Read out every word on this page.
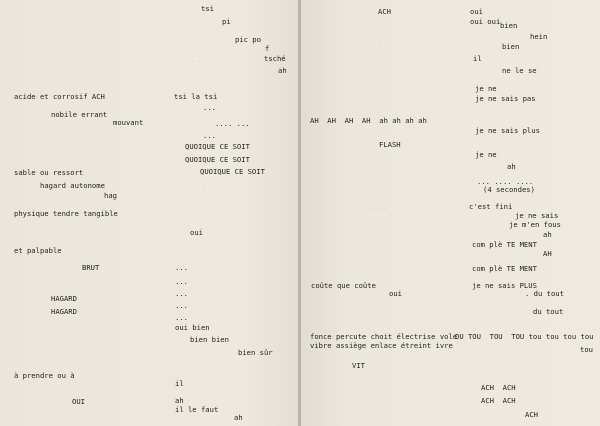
- - - -
- - -
tsi
pi
pic po
f
tsché
ah
acide et corrosif ACH	tsi la tsi
...
nobile errant
mouvant	.... ...
...
QUOIQUE CE SOIT
QUOIQUE CE SOIT
QUOIQUE CE SOIT
sable ou ressort
hagard autonome
hag
physique tendre tangible
oui
et palpable
BRUT	...
...
...
HAGARD
...
HAGARD
...
oui bien
bien bien
bien sûr
à prendre ou à
il
OUI	ah
il le faut
ah
- - -
- - - -
ACH	oui
oui oui bien
hein
bien
il
ne le se
je ne
je ne sais pas
AH  AH  AH  AH  ah ah ah ah
je ne sais plus
FLASH
je ne
ah
... .... ....
(4 secondes)
c'est fini
je ne sais
je m'en fous
ah
com plè TE MENT
AH
com plè TE MENT
coûte que coûte	je ne sais PLUS
. du tout
oui
du tout
fonce percute choit électrise vole
DU TOU  TOU  TOU tou tou tou tou
vibre assiège enlace étreint ivre	tou
VIT
ACH  ACH
ACH  ACH
ACH
